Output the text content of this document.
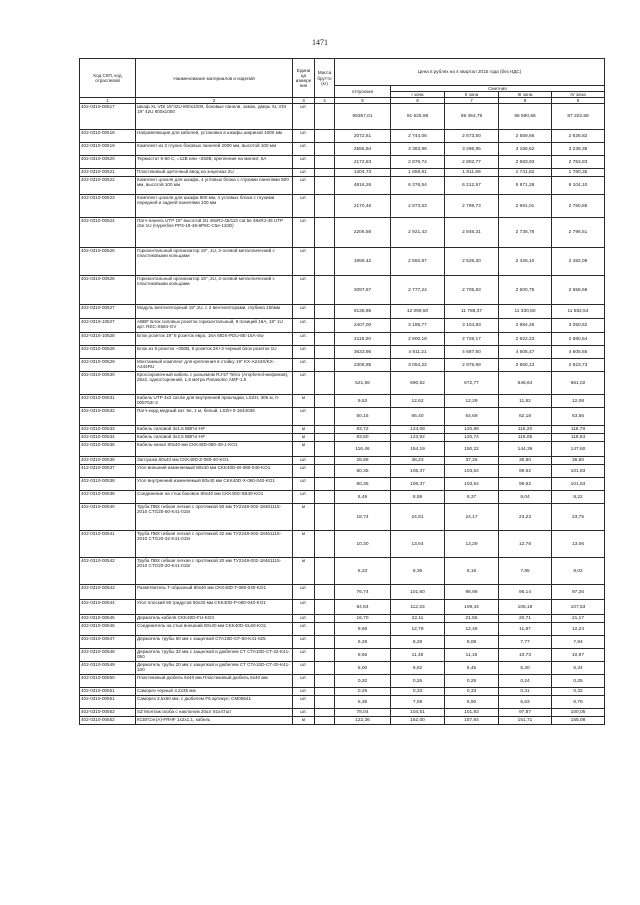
1471
Код СКП, код отраслевой	Наименование материалов и изделий	Едини ца измере ния	Масса брутто (кг)	Цена в рублях на 4 квартал 2015 года (без НДС)				
				отпускная	Сметная			
					I зона	II зона	III зона	IV зона
1	2	3	4	5	6	7	8	9
402-0310-00517	Шкаф XL VDI 19"42U 800x1000, боковые панели, замок, дверь XL VDI 19" 42U 800x1000	шт.		69357,01	91 625,98	89 464,79	86 590,66	87 202,68
402-0310-00518	Направляющие для кабелей, установка в шкафы шириной 1000 мм	шт.		2072,61	2 744,06	2 673,50	2 559,66	2 626,82
402-0310-00519	Комплект из 2 глухих боковых панелей 2000 мм, высотой 100 мм	шт.		2555,94	3 383,96	3 296,95	3 156,62	3 239,38
402-0310-00520	Термостат 5-60 С, =12В или ~250В, крепление на магнит, 5А	шт.		2172,83	2 876,74	2 802,77	2 683,93	2 753,83
402-0310-00521	Пластиковый щеточный ввод на энцелках 2U	шт.		1404,73	1 859,81	1 811,99	1 741,82	1 780,35
402-0310-00522	Комплект цоколя для шкафа, 4 угловых блока с глухими панелями 800 мм, высотой 100 мм	шт.		4816,26	6 376,54	6 212,57	5 971,28	6 104,10
402-0310-00523	Комплект цоколя для шкафа 800 мм, 4 угловых блока с глухими передней и задней панелями 100 мм	шт.		2170,46	2 873,63	2 799,73	2 691,01	2 750,85
402-0310-00524	Патч-панель UTP 19" высотой 2U 48xRJ-45/110 cat 5e 48xRJ-45 UTP c5e 1U (Hyperline PP3-19-48-8P8C-C5e-110D)	шт.		2206,58	2 921,43	2 846,31	2 735,78	2 796,51
402-0310-00525	Горизонтальный организатор 19", 1U, 2-осевой металлический с пластиковыми кольцами	шт.		1958,42	2 592,87	2 526,20	2 428,10	2 482,09
402-0310-00526	Горизонтальный организатор 19", 2U, 2-осевой металлический с пластиковыми кольцами	шт.		2097,67	2 777,24	2 705,83	2 600,75	2 658,58
402-0310-00527	Модуль вентиляторный 19",1U, с 2 вентиляторами, глубина 150мм	шт.		9138,86	12 099,50	11 788,37	11 330,80	11 582,54
402-0310-10527	ABBF Блок силовых розеток горизонтальный, 8 позиций 16А, 19" 1U арт. REC-S564-GV	шт.		2407,00	3 186,77	3 104,83	2 984,26	3 050,62
402-0310-10528	Блок розеток 19" 8 розеток евро, 16А MDX-PDU-8E-16A-Sw	шт.		2115,00	2 800,18	2 728,17	2 622,23	2 680,54
402-0310-00528	Блок из 9 розеток ~250В, 9 розеток 2K+3 черный блок розеток 1U	шт.		3633,95	4 811,21	4 687,50	4 505,47	4 605,65
402-0310-00529	Монтажный комплект для крепления в стойку 19" KX-A244X/KX-A244RU	шт.		2306,85	3 054,22	2 975,69	2 860,13	2 923,73
402-0310-00530	Кроссировочный кабель с разъемом RJ-57 Telco (Amphenol-мефемов), 25x2, односторонний, 1,5 метра Panasonic AMF-1.5	шт.		521,56	690,52	672,77	646,64	661,02
402-0310-00531	Кабель UTP 4x2 cat.5e для внутренней прокладки, LSZH, 305 м, 0-005753r-2	м		9,53	12,62	12,29	11,82	12,08
402-0310-00532	Патч-корд медный кат. 5е, 1 м, белый, LSZH 0-1544036	шт.		50,15	66,40	64,69	62,18	63,56
402-0310-00533	Кабель силовой 3x1,5 ВВГнг-HF	м		93,72	124,08	120,89	116,20	118,78
402-0310-00534	Кабель силовой 3x2,5 ВВГнг-HF	м		93,60	123,92	120,74	116,05	118,63
402-0310-00535	Кабель-канал 80x40 мм CKK40D-080-40-1-KO1	м		116,46	154,19	150,22	144,39	147,60
402-0310-00536	Заглушка 80x40 мм CKK40D-Z-080-40-KO1	шт.		28,88	38,23	37,25	35,80	36,60
412-0310-00537	Угол внешний изменяемый 80x40 мм CKK40D-W-080-040-KO1	шт.		80,35	106,37	103,64	99,62	101,83
402-0310-00538	Угол внутренний изменяемый 80x40 мм CKK40D-X-080-040-KO1	шт.		80,35	106,37	103,64	99,62	101,83
402-0310-00539	Соединение на стык боковое 80x40 мм CKK40D-SB40-KO1	шт.		6,49	8,59	8,37	8,04	8,22
402-0310-00540	Труба ПВХ гибкая легкая с протяжкой 50 мм ТУ2248-002-18461115-2010 CTG20-50-K41-015I	м		18,74	24,81	24,17	23,23	23,75
402-0310-00541	Труба ПВХ гибкая легкая с протяжкой 32 мм ТУ2248-002-18461115-2010 CTG20-32-K41-015I	м		10,30	13,64	13,29	12,78	13,06
402-0310-00542	Труба ПВХ гибкая легкая с протяжкой 20 мм ТУ2248-002-18461115-2010 CTG20-20-K41-015I	м		6,33	8,35	8,16	7,85	8,02
402-0310-00543	Разветвитель Т-образный 80x40 мм CKK40D-T-080-040-KO1	шт.		76,74	101,60	98,99	95,14	97,26
402-0310-00544	Угол плоский 90 градусов 80x40 мм CKK40D-P-080-040-KO1	шт.		84,84	112,33	109,44	105,19	107,53
402-0310-00545	Держатель кабеля CKK40D-FU-KO3	шт.		16,70	22,11	21,55	20,71	21,17
402-0310-00546	Соединитель на стык внешний 80x40 мм CKK40D-SL60-KO1	шт.		9,66	12,79	12,46	11,97	12,24
402-0310-00547	Держатель трубы 50 мм с защелкой CTA10D-CF-50-K41-025	шт.		6,26	8,29	8,08	7,77	7,94
402-0310-00548	Держатель трубы 32 мм с защелкой и дюбелем CT CTA10D-CT-32-K41-050	шт.		8,66	11,46	11,16	10,73	10,97
402-0310-00549	Держатель трубы 20 мм с защелкой и дюбелем CT CTA10D-CT-20-K41-100	шт.		5,00	6,62	6,45	6,20	6,34
402-0310-00550	Пластиковый дюбель 6x40 мм Пластиковый дюбель 6x40 мм	шт.		0,20	0,26	0,25	0,24	0,25
402-0310-00551	Саморез черный 3,2x35 мм	шт.		0,25	0,33	0,33	0,31	0,32
402-0310-00551	Саморез 3,5x50 мм, с дюбелем F6 артикул: CM06541	шт.		5,35	7,08	6,90	6,63	6,78
402-0310-00552	SZ Монтаж скоба с наклоном 20шт 81x47шт	шт.		78,04	104,51	101,83	97,87	100,05
402-0310-00552	КСБГСнг(А)-FRHF 1x2x1,1, кабель	м		122,36	162,00	157,84	151,71	155,08
